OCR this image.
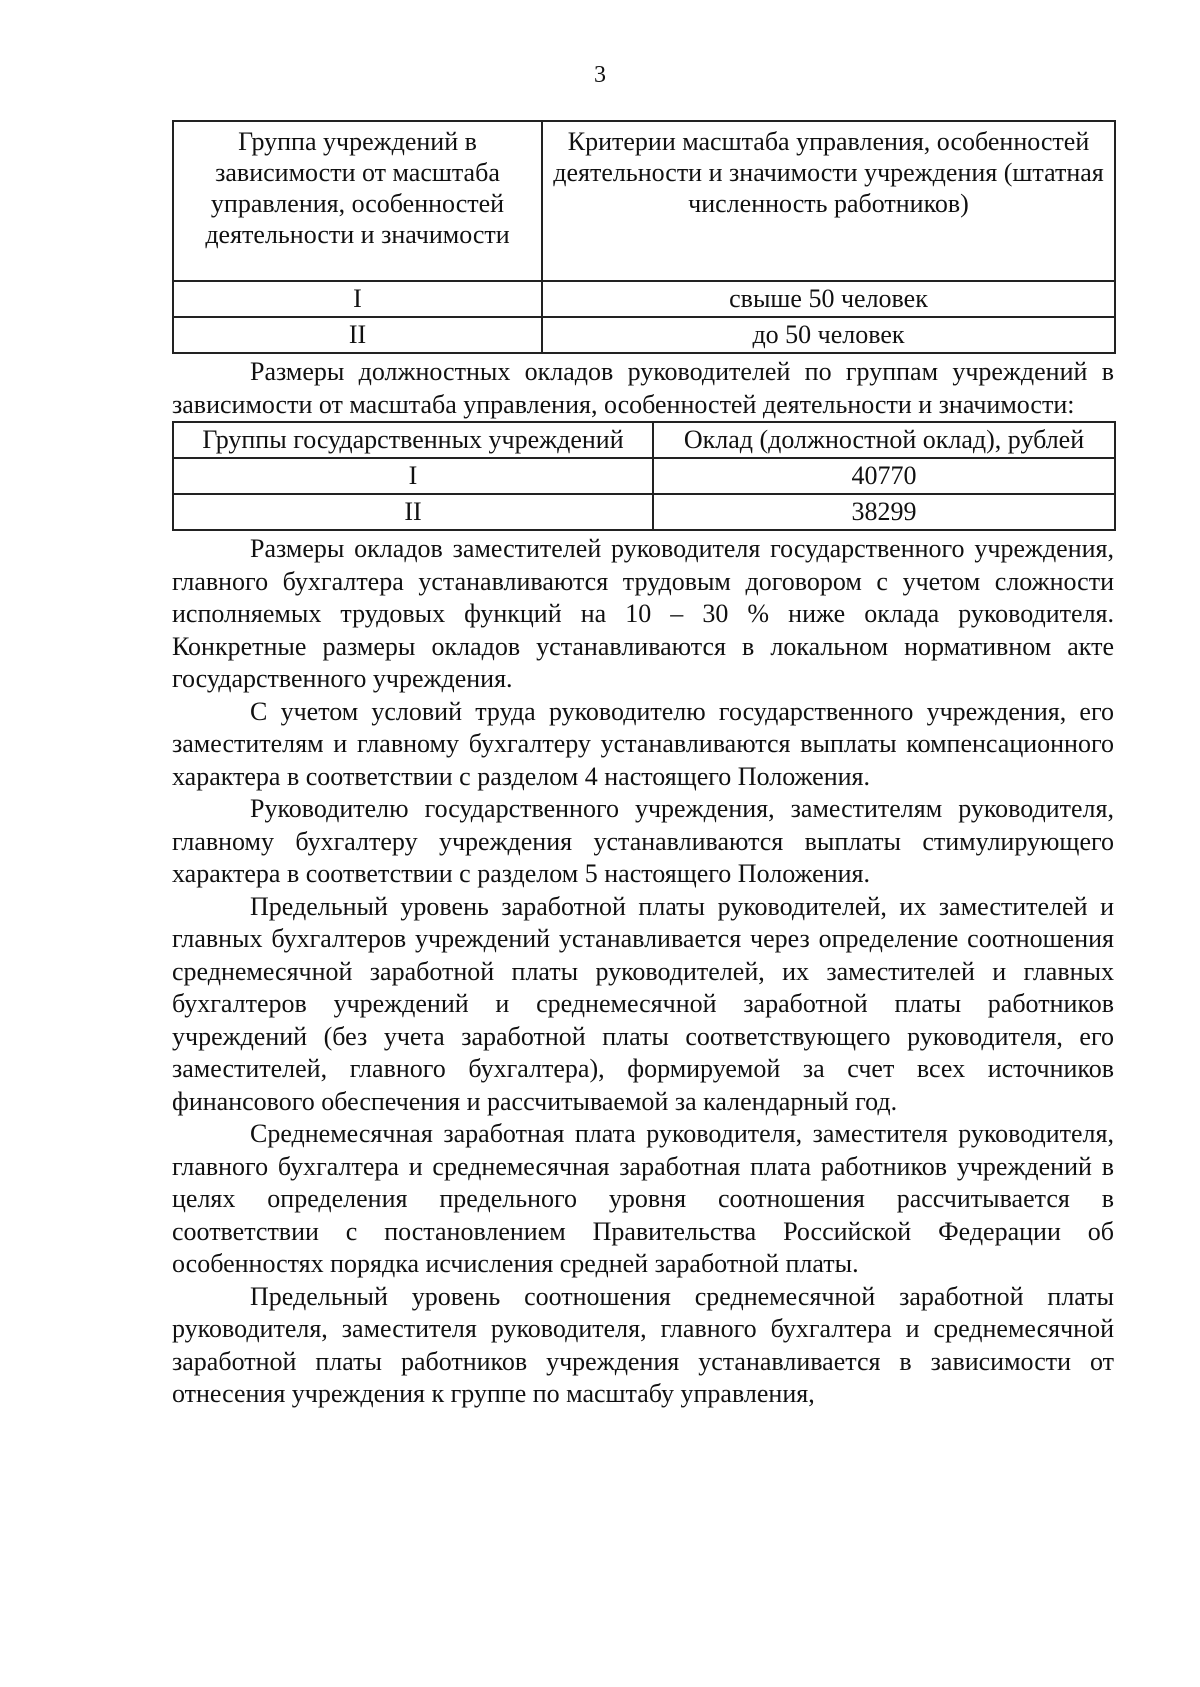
3
Группа учреждений в зависимости от масштаба управления, особенностей деятельности и значимости	Критерии масштаба управления, особенностей деятельности и значимости учреждения (штатная численность работников)
I	свыше 50 человек
II	до 50 человек

Размеры должностных окладов руководителей по группам учреждений в зависимости от масштаба управления, особенностей деятельности и значимости:

Группы государственных учреждений	Оклад (должностной оклад), рублей
I	40770
II	38299

Размеры окладов заместителей руководителя государственного учреждения, главного бухгалтера устанавливаются трудовым договором с учетом сложности исполняемых трудовых функций на 10 – 30 % ниже оклада руководителя. Конкретные размеры окладов устанавливаются в локальном нормативном акте государственного учреждения.

С учетом условий труда руководителю государственного учреждения, его заместителям и главному бухгалтеру устанавливаются выплаты компенсационного характера в соответствии с разделом 4 настоящего Положения.

Руководителю государственного учреждения, заместителям руководителя, главному бухгалтеру учреждения устанавливаются выплаты стимулирующего характера в соответствии с разделом 5 настоящего Положения.

Предельный уровень заработной платы руководителей, их заместителей и главных бухгалтеров учреждений устанавливается через определение соотношения среднемесячной заработной платы руководителей, их заместителей и главных бухгалтеров учреждений и среднемесячной заработной платы работников учреждений (без учета заработной платы соответствующего руководителя, его заместителей, главного бухгалтера), формируемой за счет всех источников финансового обеспечения и рассчитываемой за календарный год.

Среднемесячная заработная плата руководителя, заместителя руководителя, главного бухгалтера и среднемесячная заработная плата работников учреждений в целях определения предельного уровня соотношения рассчитывается в соответствии с постановлением Правительства Российской Федерации об особенностях порядка исчисления средней заработной платы.

Предельный уровень соотношения среднемесячной заработной платы руководителя, заместителя руководителя, главного бухгалтера и среднемесячной заработной платы работников учреждения устанавливается в зависимости от отнесения учреждения к группе по масштабу управления,
